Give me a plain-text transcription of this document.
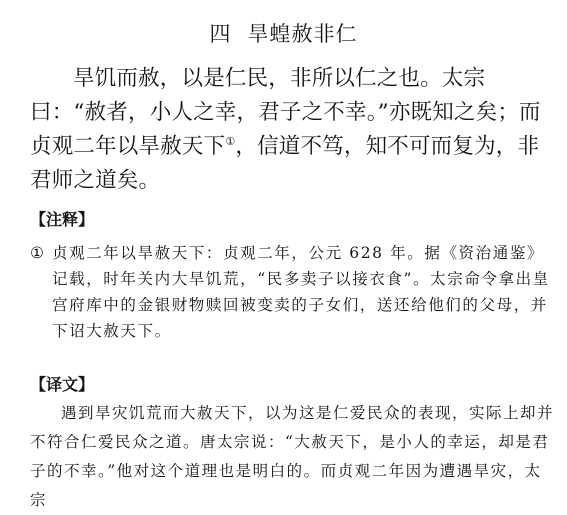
四 旱蝗赦非仁

旱饥而赦，以是仁民，非所以仁之也。太宗曰：“赦者，小人之幸，君子之不幸。”亦既知之矣；而贞观二年以旱赦天下①，信道不笃，知不可而复为，非君师之道矣。

【注释】
① 贞观二年以旱赦天下：贞观二年，公元 628 年。据《资治通鉴》记载，时年关内大旱饥荒，“民多卖子以接衣食”。太宗命令拿出皇宫府库中的金银财物赎回被变卖的子女们，送还给他们的父母，并下诏大赦天下。
【译文】

遇到旱灾饥荒而大赦天下，以为这是仁爱民众的表现，实际上却并不符合仁爱民众之道。唐太宗说：“大赦天下，是小人的幸运，却是君子的不幸。”他对这个道理也是明白的。而贞观二年因为遭遇旱灾，太宗
